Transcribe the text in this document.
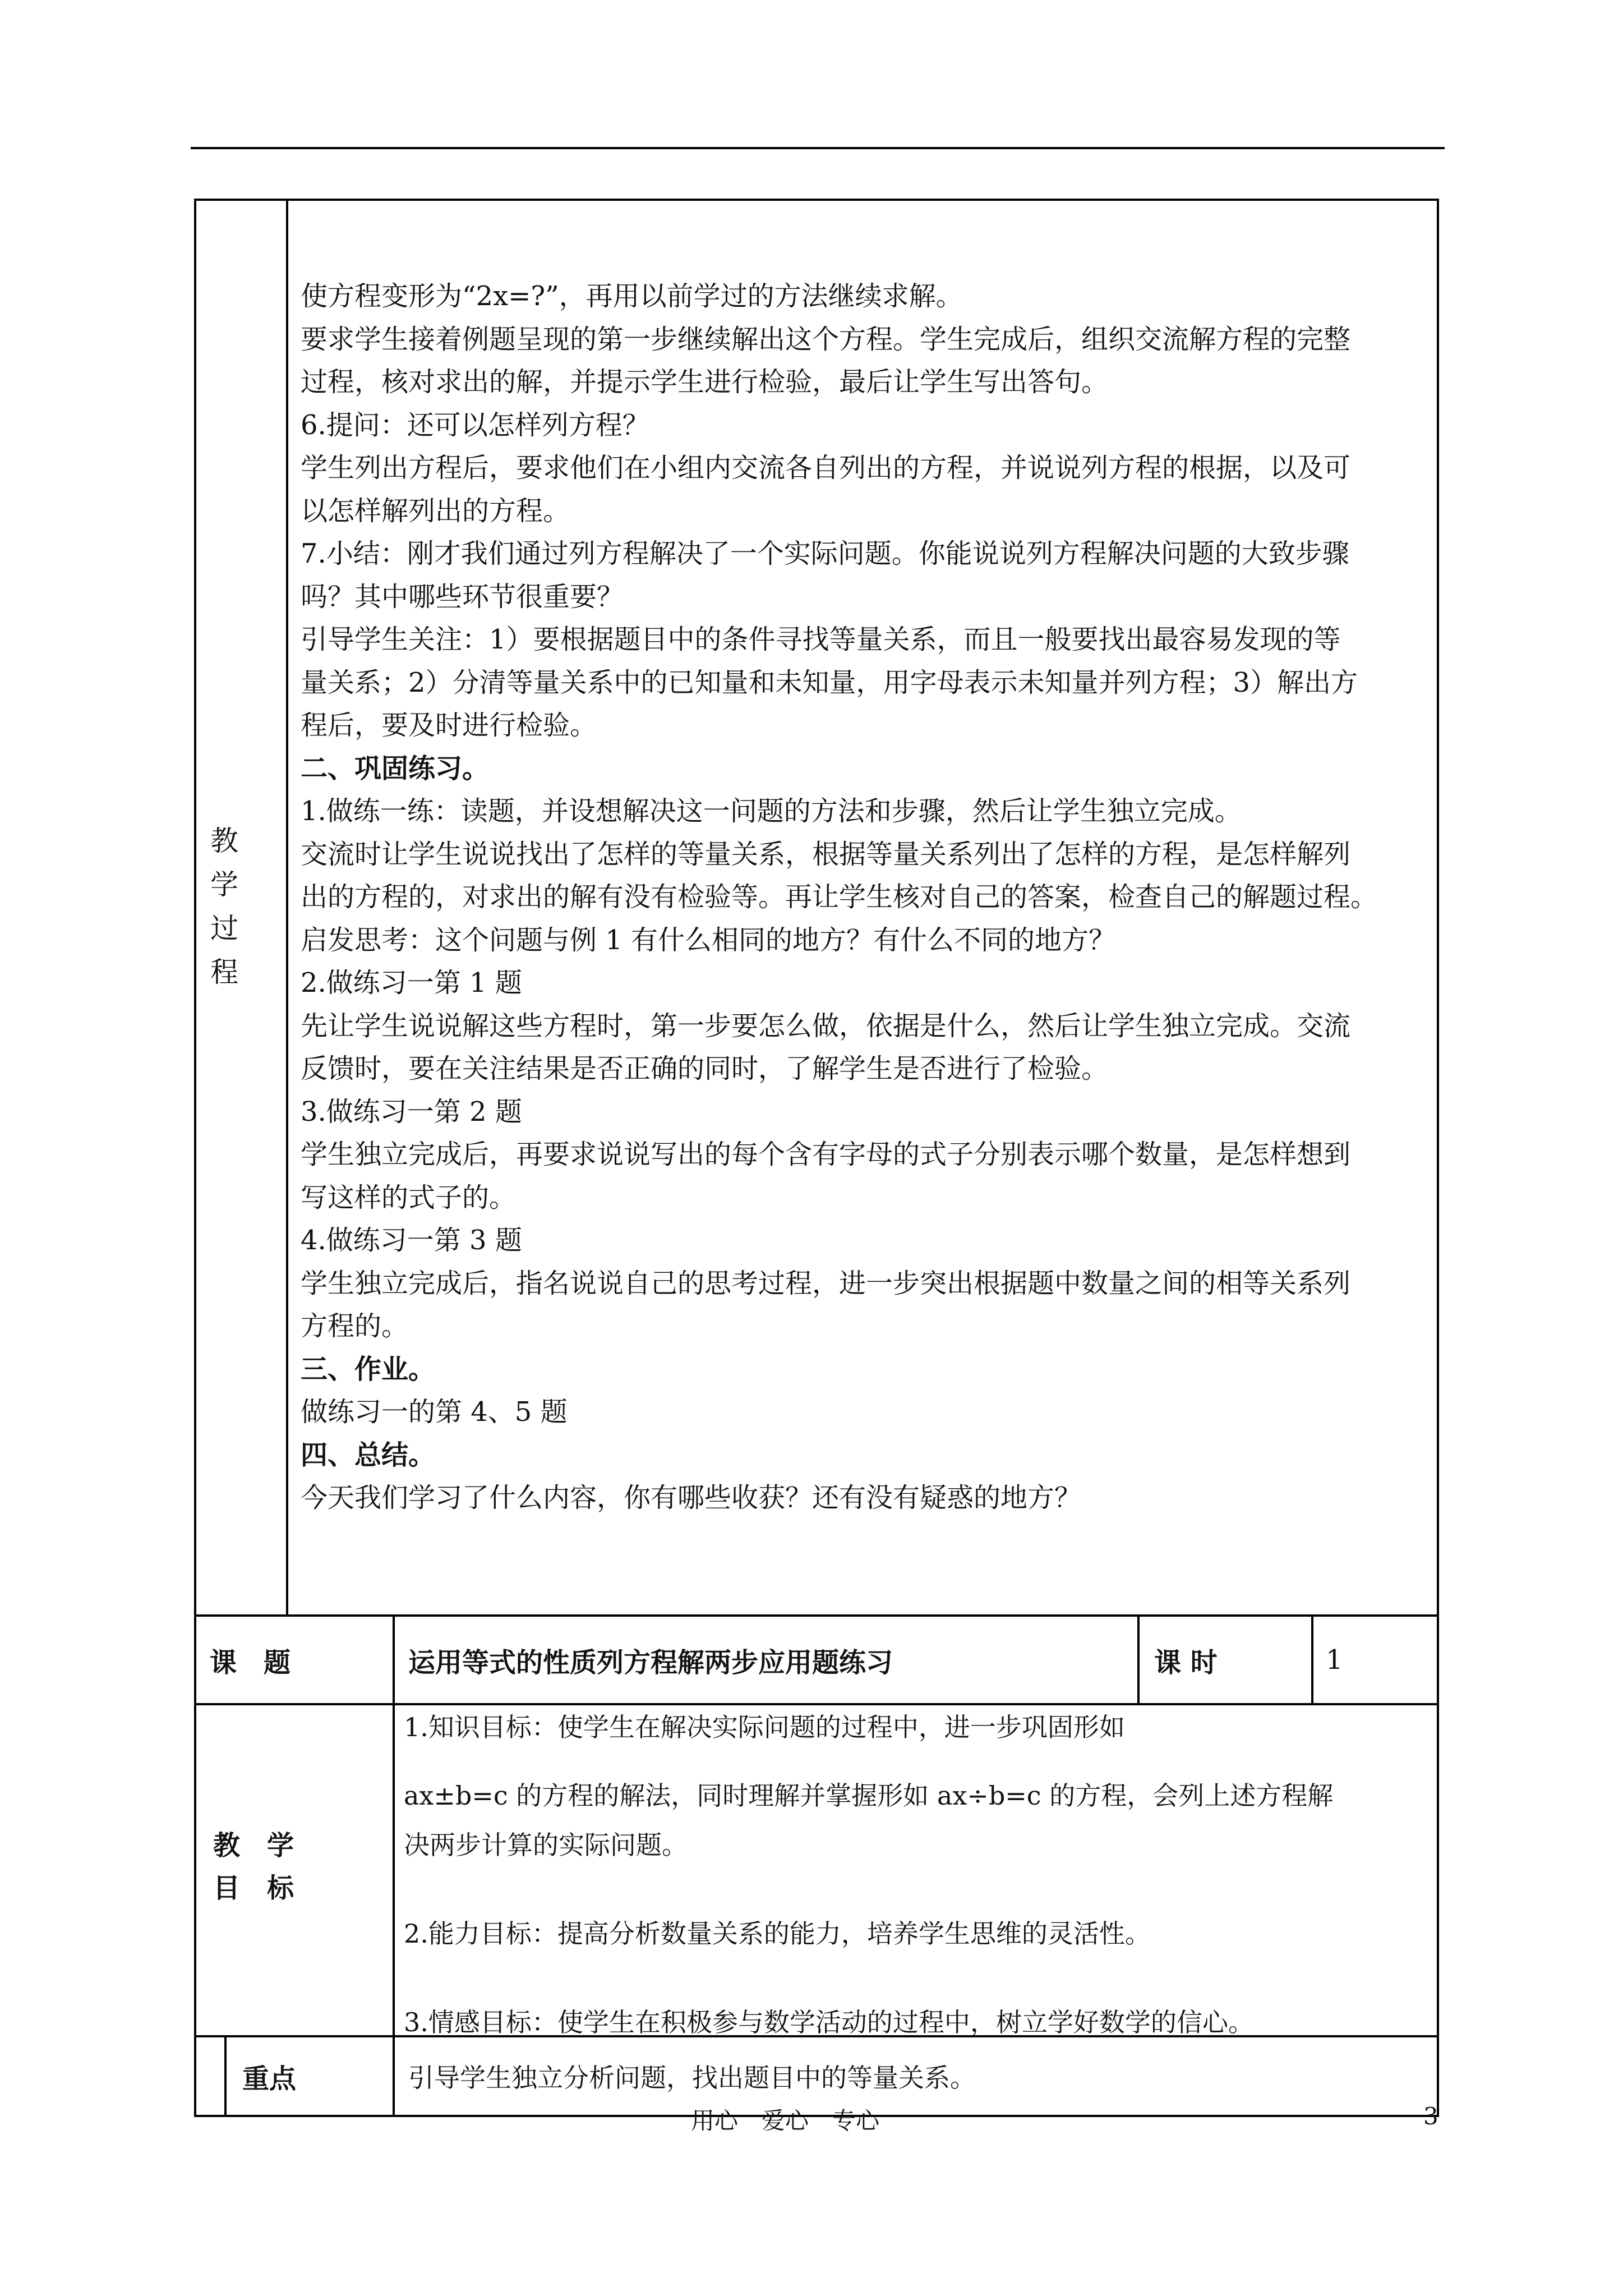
教
学
过
程

使方程变形为“2x=?”，再用以前学过的方法继续求解。

要求学生接着例题呈现的第一步继续解出这个方程。学生完成后，组织交流解方程的完整

过程，核对求出的解，并提示学生进行检验，最后让学生写出答句。

6.提问：还可以怎样列方程？

学生列出方程后，要求他们在小组内交流各自列出的方程，并说说列方程的根据，以及可

以怎样解列出的方程。

7.小结：刚才我们通过列方程解决了一个实际问题。你能说说列方程解决问题的大致步骤

吗？其中哪些环节很重要？

引导学生关注：1）要根据题目中的条件寻找等量关系，而且一般要找出最容易发现的等

量关系；2）分清等量关系中的已知量和未知量，用字母表示未知量并列方程；3）解出方

程后，要及时进行检验。

二、巩固练习。

1.做练一练：读题，并设想解决这一问题的方法和步骤，然后让学生独立完成。

交流时让学生说说找出了怎样的等量关系，根据等量关系列出了怎样的方程，是怎样解列

出的方程的，对求出的解有没有检验等。再让学生核对自己的答案，检查自己的解题过程。

启发思考：这个问题与例 1 有什么相同的地方？有什么不同的地方？

2.做练习一第 1 题

先让学生说说解这些方程时，第一步要怎么做，依据是什么，然后让学生独立完成。交流

反馈时，要在关注结果是否正确的同时，了解学生是否进行了检验。

3.做练习一第 2 题

学生独立完成后，再要求说说写出的每个含有字母的式子分别表示哪个数量，是怎样想到

写这样的式子的。

4.做练习一第 3 题

学生独立完成后，指名说说自己的思考过程，进一步突出根据题中数量之间的相等关系列

方程的。

三、作业。

做练习一的第 4、5 题

四、总结。

今天我们学习了什么内容，你有哪些收获？还有没有疑惑的地方？

课　题	运用等式的性质列方程解两步应用题练习	课 时	1
教　学
目　标

1.知识目标：使学生在解决实际问题的过程中，进一步巩固形如

ax±b=c 的方程的解法，同时理解并掌握形如 ax÷b=c 的方程，会列上述方程解

决两步计算的实际问题。

2.能力目标：提高分析数量关系的能力，培养学生思维的灵活性。

3.情感目标：使学生在积极参与数学活动的过程中，树立学好数学的信心。

重点	引导学生独立分析问题，找出题目中的等量关系。
用心　爱心　专心	3
